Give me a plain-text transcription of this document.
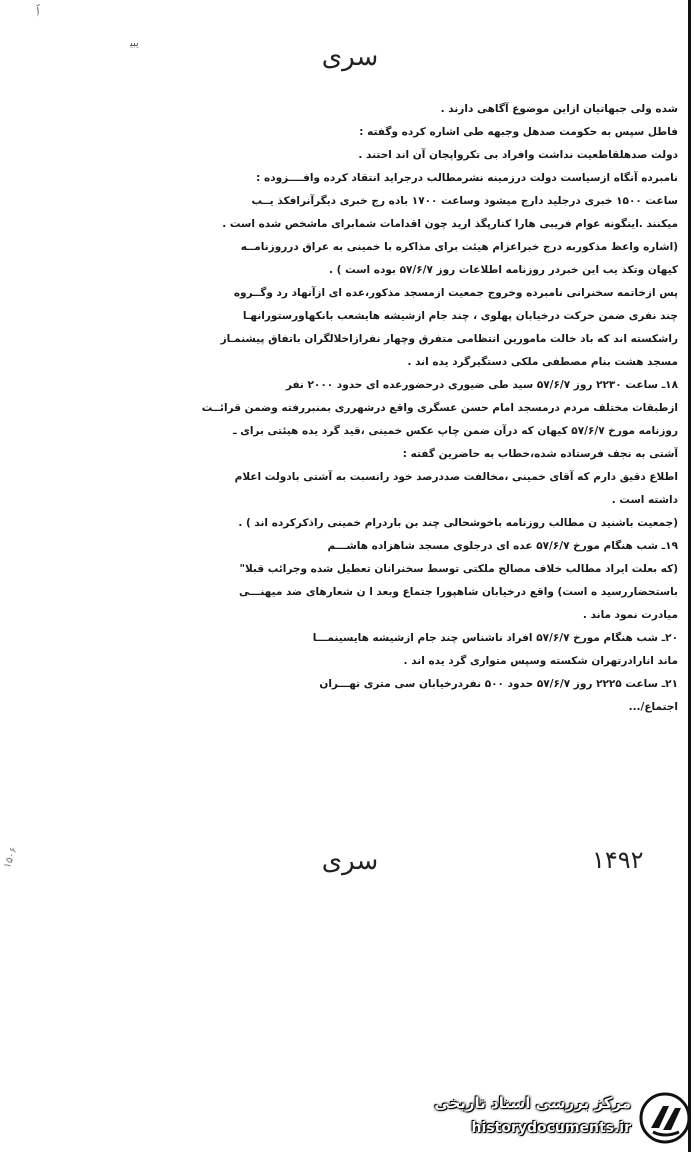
ﭐ
ﻳﺒﻴ	سری
شده ولی جبهاتیان ازاین موضوع آگاهی دارند .
فاطل سپس به حکومت صدهل وجبهه طی اشاره کرده وگفته :
دولت صدهلقاطعیت نداشت وافراد بی تکرواپجان آن اند احتند .
نامبرده آنگاه ازسیاست دولت درزمینه نشرمطالب درجراید انتقاد کرده وافــــزوده :
ساعت ۱۵۰۰ خبری درجلید دارج میشود وساعت ۱۷۰۰ باده رج خبری دیگرآنرافکذ یــب
میکنند .اینگونه عوام فریبی هارا کنارپگذ ارید چون اقدامات شمابرای ماشخص شده است .
(اشاره واعظ مذکوربه درج خبراعزام هیئت برای مذاکره با خمینی به عراق درروزنامــه
کیهان وتکذ یب این خبردر روزنامه اطلاعات روز ۵۷/۶/۷ بوده است ) .
پس ازخاتمه سخنرانی نامبرده وخروج جمعیت ازمسجد مذکور،عده ای ازآنهاد رد وگــروه
چند نفری ضمن حرکت درخیابان پهلوی ، چند جام ازشیشه هایشعب بانکهاورستورانهـا
راشکسته اند که باد خالت مامورین انتظامی متفرق وچهار نفرازاخلالگران باتفاق پیشنمـاز
مسجد هشت بنام مصطفی ملکی دستگیرگرد یده اند .
۱۸ـ ساعت ۲۲۳۰ روز ۵۷/۶/۷ سید طی ضیوری درحضورعده ای حدود ۲۰۰۰ نفر
ازطبقات مختلف مردم درمسجد امام حسن عسگری واقع درشهرری بمنبررفته وضمن قرائــت
روزنامه مورخ ۵۷/۶/۷ کیهان که درآن ضمن چاپ عکس خمینی ،قید گرد یده هیئتی برای ـ
آشتی به نجف فرستاده شده،خطاب به حاضرین گفته :
اطلاع دقیق دارم که آقای خمینی ،مخالفت صددرصد خود رانسبت به آشتی بادولت اعلام
داشته است .
(جمعیت باشنید ن مطالب روزنامه باخوشحالی چند بن باردرام خمینی راذکرکرده اند ) .
۱۹ـ شب هنگام مورخ ۵۷/۶/۷ عده ای درجلوی مسجد شاهزاده هاشـــم
(که بعلت ایراد مطالب خلاف مصالح ملکتی توسط سخنرانان تعطیل شده وجرائب قبلا"
باستحضاررسید ه است) واقع درخیابان شاهپورا جتماع وبعد ا ن شعارهای ضد میهنـــی
میادرت نمود ماند .
۲۰ـ شب هنگام مورخ ۵۷/۶/۷ افراد ناشناس چند جام ازشیشه هایسینمـــا
ماند انارادرتهران شکسته وسپس متواری گرد یده اند .
۲۱ـ ساعت ۲۲۲۵ روز ۵۷/۶/۷ حدود ۵۰۰ نفردرخیابان سی متری تهـــران
اجتماع/...
سری	۱۴۹۲
۱۵۰۶
مرکز بررسی اسناد تاریخی
historydocuments.ir
